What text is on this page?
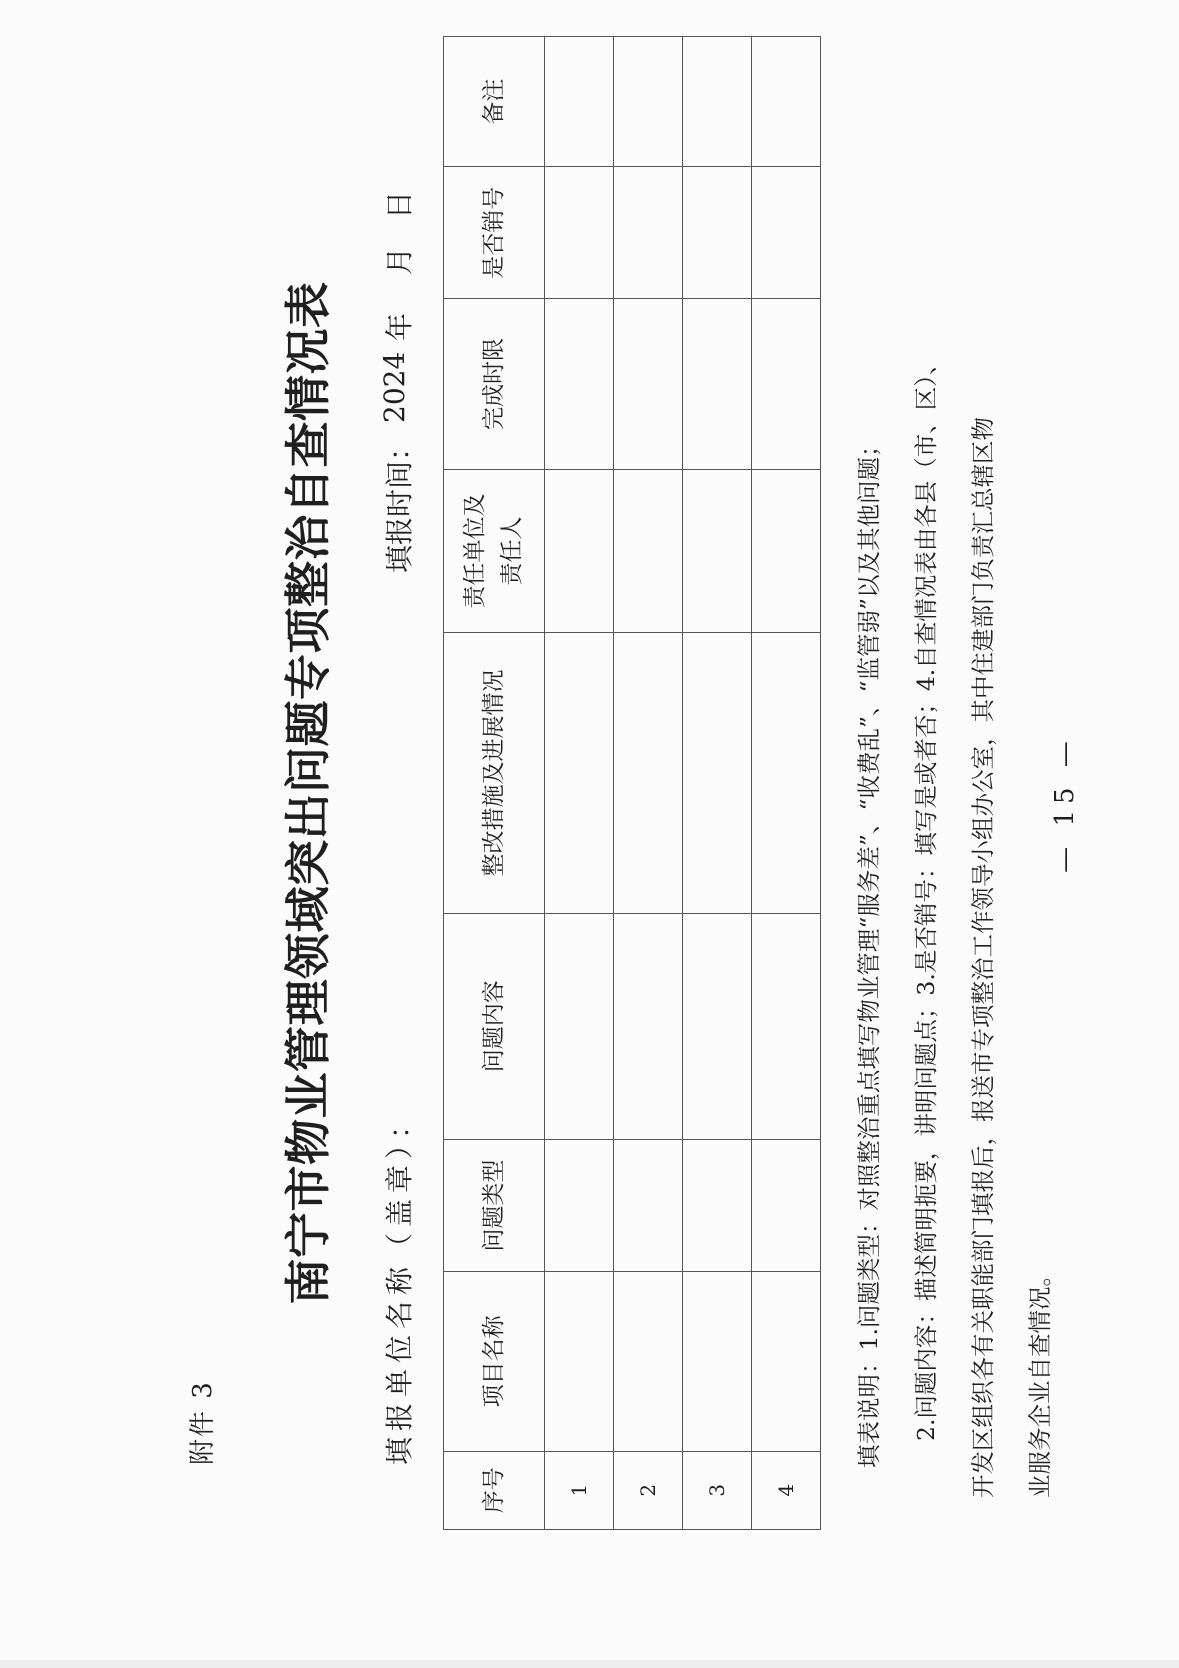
附件 3
南宁市物业管理领域突出问题专项整治自查情况表 填报单位名称（盖章）：
填报时间：
2024
年
月
日
序号	项目名称	问题类型	问题内容	整改措施及进展情况	责任单位及 责任人	完成时限	是否销号	备注
1								
2								
3								
4								
填表说明：1.问题类型：对照整治重点填写物业管理“服务差”、“收费乱”、“监管弱”以及其他问题；	2.问题内容：描述简明扼要，讲明问题点；3.是否销号：填写是或者否；4.自查情况表由各县（市、区）、	开发区组织各有关职能部门填报后，报送市专项整治工作领导小组办公室，其中住建部门负责汇总辖区物	业服务企业自查情况。
— 15 —
